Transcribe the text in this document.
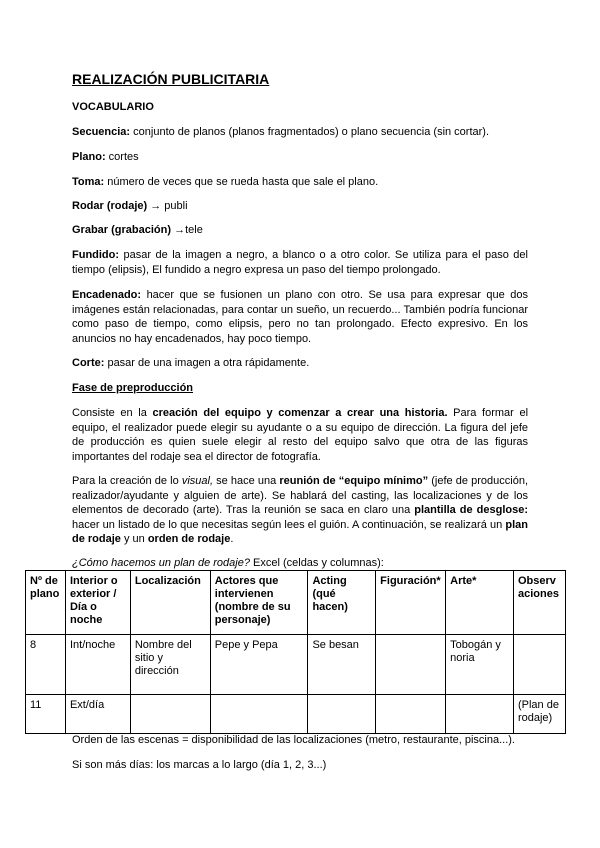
REALIZACIÓN PUBLICITARIA

VOCABULARIO

Secuencia: conjunto de planos (planos fragmentados) o plano secuencia (sin cortar).

Plano: cortes

Toma: número de veces que se rueda hasta que sale el plano.

Rodar (rodaje) → publi

Grabar (grabación) →tele

Fundido: pasar de la imagen a negro, a blanco o a otro color. Se utiliza para el paso del tiempo (elipsis), El fundido a negro expresa un paso del tiempo prolongado.

Encadenado: hacer que se fusionen un plano con otro. Se usa para expresar que dos imágenes están relacionadas, para contar un sueño, un recuerdo... También podría funcionar como paso de tiempo, como elipsis, pero no tan prolongado. Efecto expresivo. En los anuncios no hay encadenados, hay poco tiempo.

Corte: pasar de una imagen a otra rápidamente.

Fase de preproducción

Consiste en la creación del equipo y comenzar a crear una historia. Para formar el equipo, el realizador puede elegir su ayudante o a su equipo de dirección. La figura del jefe de producción es quien suele elegir al resto del equipo salvo que otra de las figuras importantes del rodaje sea el director de fotografía.

Para la creación de lo visual, se hace una reunión de “equipo mínimo” (jefe de producción, realizador/ayudante y alguien de arte). Se hablará del casting, las localizaciones y de los elementos de decorado (arte). Tras la reunión se saca en claro una plantilla de desglose: hacer un listado de lo que necesitas según lees el guión. A continuación, se realizará un plan de rodaje y un orden de rodaje.

¿Cómo hacemos un plan de rodaje? Excel (celdas y columnas):

Nº de plano	Interior o exterior / Día o noche	Localización	Actores que intervienen (nombre de su personaje)	Acting (qué hacen)	Figuración*	Arte*	Observ aciones
8	Int/noche	Nombre del sitio y dirección	Pepe y Pepa	Se besan		Tobogán y noria	
11	Ext/día						(Plan de rodaje)

Orden de las escenas = disponibilidad de las localizaciones (metro, restaurante, piscina...).

Si son más días: los marcas a lo largo (día 1, 2, 3...)
